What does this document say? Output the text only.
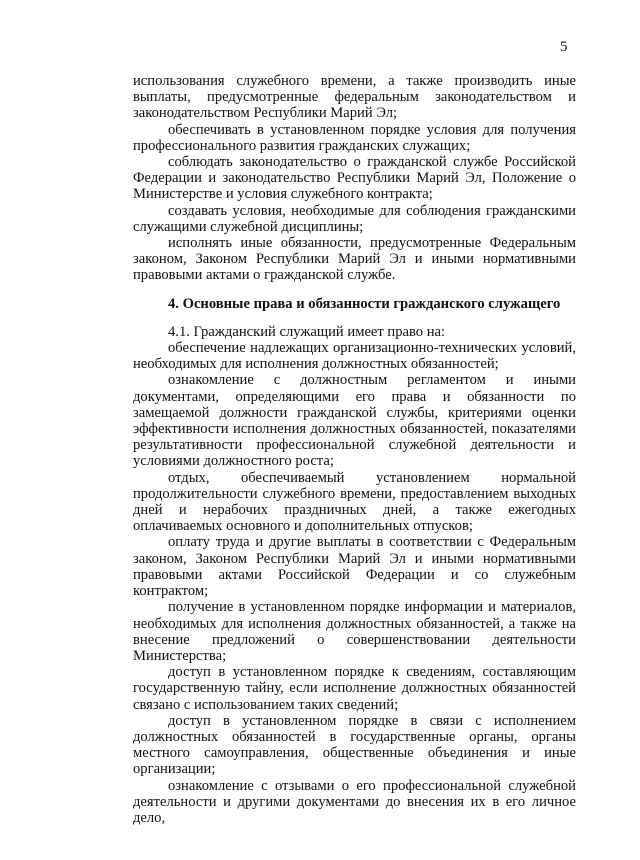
5

использования служебного времени, а также производить иные выплаты, предусмотренные федеральным законодательством и законодательством Республики Марий Эл;

обеспечивать в установленном порядке условия для получения профессионального развития гражданских служащих;

соблюдать законодательство о гражданской службе Российской Федерации и законодательство Республики Марий Эл, Положение о Министерстве и условия служебного контракта;

создавать условия, необходимые для соблюдения гражданскими служащими служебной дисциплины;

исполнять иные обязанности, предусмотренные Федеральным законом, Законом Республики Марий Эл и иными нормативными правовыми актами о гражданской службе.

4. Основные права и обязанности гражданского служащего

4.1. Гражданский служащий имеет право на:

обеспечение надлежащих организационно-технических условий, необходимых для исполнения должностных обязанностей;

ознакомление с должностным регламентом и иными документами, определяющими его права и обязанности по замещаемой должности гражданской службы, критериями оценки эффективности исполнения должностных обязанностей, показателями результативности профессиональной служебной деятельности и условиями должностного роста;

отдых, обеспечиваемый установлением нормальной продолжительности служебного времени, предоставлением выходных дней и нерабочих праздничных дней, а также ежегодных оплачиваемых основного и дополнительных отпусков;

оплату труда и другие выплаты в соответствии с Федеральным законом, Законом Республики Марий Эл и иными нормативными правовыми актами Российской Федерации и со служебным контрактом;

получение в установленном порядке информации и материалов, необходимых для исполнения должностных обязанностей, а также на внесение предложений о совершенствовании деятельности Министерства;

доступ в установленном порядке к сведениям, составляющим государственную тайну, если исполнение должностных обязанностей связано с использованием таких сведений;

доступ в установленном порядке в связи с исполнением должностных обязанностей в государственные органы, органы местного самоуправления, общественные объединения и иные организации;

ознакомление с отзывами о его профессиональной служебной деятельности и другими документами до внесения их в его личное дело,
